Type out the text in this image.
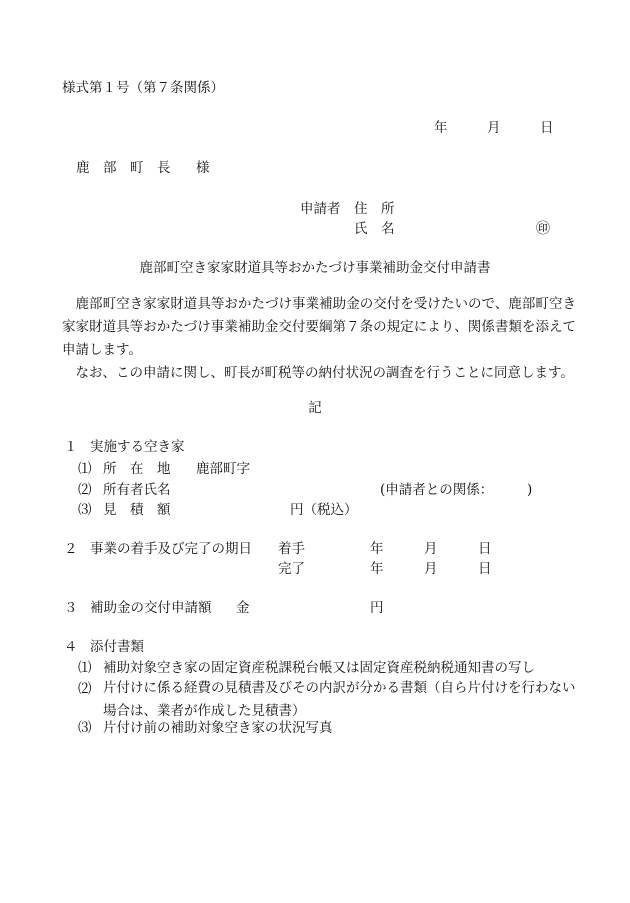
様式第１号（第７条関係）
年	月	日
鹿　部　町　長 様
申請者 住　所
氏　名	㊞
鹿部町空き家家財道具等おかたづけ事業補助金交付申請書

鹿部町空き家家財道具等おかたづけ事業補助金の交付を受けたいので、鹿部町空き家家財道具等おかたづけ事業補助金交付要綱第７条の規定により、関係書類を添えて申請します。

なお、この申請に関し、町長が町税等の納付状況の調査を行うことに同意します。

記
１ 実施する空き家
⑴ 所　在　地 鹿部町字
⑵ 所有者氏名	(申請者との関係：　　　)
⑶ 見　積　額	円（税込）
２ 事業の着手及び完了の期日 着手	年	月	日
完了	年	月	日
３ 補助金の交付申請額 金	円
４ 添付書類
⑴ 補助対象空き家の固定資産税課税台帳又は固定資産税納税通知書の写し
⑵ 片付けに係る経費の見積書及びその内訳が分かる書類（自ら片付けを行わない場合は、業者が作成した見積書）
⑶ 片付け前の補助対象空き家の状況写真
